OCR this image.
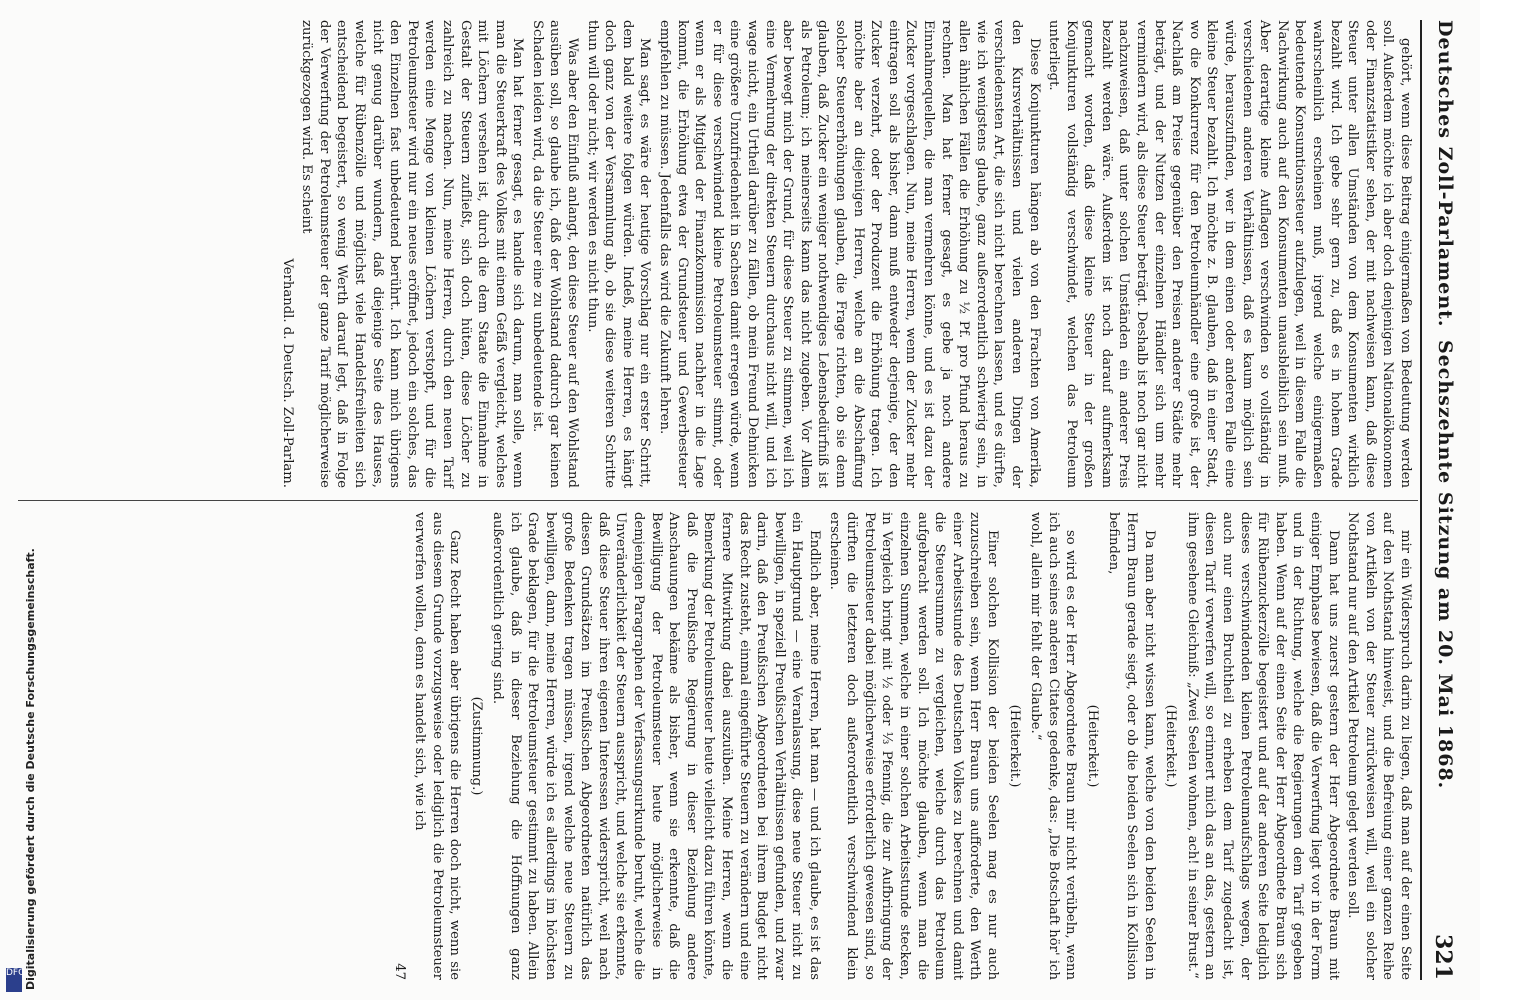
Deutsches Zoll-Parlament.
Sechszehnte Sitzung am 20. Mai 1868.
321

gehört, wenn diese Beitrag einigermaßen von Bedeutung werden soll. Außerdem möchte ich aber doch denjenigen Nationalökonomen oder Finanzstatistiker sehen, der mit nachweisen kann, daß diese Steuer unter allen Umständen von dem Konsumenten wirklich bezahlt wird. Ich gebe sehr gern zu, daß es in hohem Grade wahrscheinlich erscheinen muß, irgend welche einigermaßen bedeutende Konsumtionssteuer aufzulegen, weil in diesem Falle die Nachwirkung auch auf den Konsumenten unausbleiblich sein muß. Aber derartige kleine Auflagen verschwinden so vollständig in verschiedenen anderen Verhältnissen, daß es kaum möglich sein würde, herauszufinden, wer in dem einen oder anderen Falle eine kleine Steuer bezahlt. Ich möchte z. B. glauben, daß in einer Stadt, wo die Konkurrenz für den Petroleumhändler eine große ist, der Nachlaß am Preise gegenüber den Preisen anderer Städte mehr beträgt, und der Nutzen der einzelnen Händler sich um mehr vermindern wird, als diese Steuer beträgt. Deshalb ist noch gar nicht nachzuweisen, daß unter solchen Umständen ein anderer Preis bezahlt werden wäre. Außerdem ist noch darauf aufmerksam gemacht worden, daß diese kleine Steuer in der großen Konjunkturen vollständig verschwindet, welchen das Petroleum unterliegt.

Diese Konjunkturen hängen ab von den Frachten von Amerika, den Kursverhältnissen und vielen anderen Dingen der verschiedensten Art, die sich nicht berechnen lassen, und es dürfte, wie ich wenigstens glaube, ganz außerordentlich schwierig sein, in allen ähnlichen Fällen die Erhöhung zu ½ Pf. pro Pfund heraus zu rechnen. Man hat ferner gesagt, es gebe ja noch andere Einnahmequellen, die man vermehren könne, und es ist dazu der Zucker vorgeschlagen. Nun, meine Herren, wenn der Zucker mehr eintragen soll als bisher, dann muß entweder derjenige, der den Zucker verzehrt, oder der Produzent die Erhöhung tragen. Ich möchte aber an diejenigen Herren, welche an die Abschaffung solcher Steuererhöhungen glauben, die Frage richten, ob sie denn glauben, daß Zucker ein weniger nothwendiges Lebensbedürfniß ist als Petroleum; ich meinerseits kann das nicht zugeben. Vor Allem aber bewegt mich der Grund, für diese Steuer zu stimmen, weil ich eine Vermehrung der direkten Steuern durchaus nicht will, und ich wage nicht, ein Urtheil darüber zu fällen, ob mein Freund Dehnicken eine größere Unzufriedenheit in Sachsen damit erregen würde, wenn er für diese verschwindend kleine Petroleumsteuer stimmt, oder wenn er als Mitglied der Finanzkommission nachher in die Lage kommt, die Erhöhung etwa der Grundsteuer und Gewerbesteuer empfehlen zu müssen. Jedenfalls das wird die Zukunft lehren.

Man sagt, es wäre der heutige Vorschlag nur ein erster Schritt, dem bald weitere folgen würden. Indeß, meine Herren, es hängt doch ganz von der Versammlung ab, ob sie diese weiteren Schritte thun will oder nicht; wir werden es nicht thun.

Was aber den Einfluß anlangt, den diese Steuer auf den Wohlstand ausüben soll, so glaube ich, daß der Wohlstand dadurch gar keinen Schaden leiden wird, da die Steuer eine zu unbedeutende ist.

Man hat ferner gesagt, es handle sich darum, man solle, wenn man die Steuerkraft des Volkes mit einem Gefäß vergleicht, welches mit Löchern versehen ist, durch die dem Staate die Einnahme in Gestalt der Steuern zufließt, sich doch hüten, diese Löcher zu zahlreich zu machen. Nun, meine Herren, durch den neuen Tarif werden eine Menge von kleinen Löchern verstopft, und für die Petroleumsteuer wird nur ein neues eröffnet, jedoch ein solches, das den Einzelnen fast unbedeutend berührt. Ich kann mich übrigens nicht genug darüber wundern, daß diejenige Seite des Hauses, welche für Rübenzölle und möglichst viele Handelsfreiheiten sich entscheidend begeistert, so wenig Werth darauf legt, daß in Folge der Verwerfung der Petroleumsteuer der ganze Tarif möglicherweise zurückgezogen wird. Es scheint

Verhandl. d. Deutsch. Zoll-Parlam.

mir ein Widerspruch darin zu liegen, daß man auf der einen Seite auf den Nothstand hinweist, und die Befreiung einer ganzen Reihe von Artikeln von der Steuer zurückweisen will, weil ein solcher Nothstand nur auf den Artikel Petroleum gelegt werden soll.

Dann hat uns zuerst gestern der Herr Abgeordnete Braun mit einiger Emphase bewiesen, daß die Verwerfung liegt vor in der Form und in der Richtung, welche die Regierungen dem Tarif gegeben haben. Wenn auf der einen Seite der Herr Abgeordnete Braun sich für Rübenzuckerzölle begeistert und auf der anderen Seite lediglich dieses verschwindenden kleinen Petroleumaufschlags wegen, der auch nur einen Bruchtheil zu erheben dem Tarif zugedacht ist, diesen Tarif verwerfen will, so erinnert mich das an das, gestern an ihm gesehene Gleichniß: „Zwei Seelen wohnen, ach! in seiner Brust.“

(Heiterkeit.)

Da man aber nicht wissen kann, welche von den beiden Seelen in Herrn Braun gerade siegt, oder ob die beiden Seelen sich in Kollision befinden,

(Heiterkeit.)

so wird es der Herr Abgeordnete Braun mir nicht verübeln, wenn ich auch seines anderen Citates gedenke, das: „Die Botschaft hör' ich wohl, allein mir fehlt der Glaube.“

(Heiterkeit.)

Einer solchen Kollision der beiden Seelen mag es nur auch zuzuschreiben sein, wenn Herr Braun uns aufforderte, den Werth einer Arbeitsstunde des Deutschen Volkes zu berechnen und damit die Steuersumme zu vergleichen, welche durch das Petroleum aufgebracht werden soll. Ich möchte glauben, wenn man die einzelnen Summen, welche in einer solchen Arbeitsstunde stecken, in Vergleich bringt mit ½ oder ⅓ Pfennig, die zur Aufbringung der Petroleumsteuer dabei möglicherweise erforderlich gewesen sind, so dürften die letzteren doch außerordentlich verschwindend klein erscheinen.

Endlich aber, meine Herren, hat man — und ich glaube, es ist das ein Hauptgrund — eine Veranlassung, diese neue Steuer nicht zu bewilligen, in speziell Preußischen Verhältnissen gefunden, und zwar darin, daß den Preußischen Abgeordneten bei ihrem Budget nicht das Recht zusteht, einmal eingeführte Steuern zu verändern und eine fernere Mitwirkung dabei auszuüben. Meine Herren, wenn die Bemerkung der Petroleumsteuer heute vielleicht dazu führen könnte, daß die Preußische Regierung in dieser Beziehung andere Anschauungen bekäme als bisher, wenn sie erkennte, daß die Bewilligung der Petroleumsteuer heute möglicherweise in demjenigen Paragraphen der Verfassungsurkunde beruht, welche die Unveränderlichkeit der Steuern ausspricht, und welche sie erkennte, daß diese Steuer ihren eigenen Interessen widerspricht, weil nach diesen Grundsätzen im Preußischen Abgeordneten natürlich das große Bedenken tragen müssen, irgend welche neue Steuern zu bewilligen, dann, meine Herren, würde ich es allerdings im höchsten Grade beklagen, für die Petroleumsteuer gestimmt zu haben. Allein ich glaube, daß in dieser Beziehung die Hoffnungen ganz außerordentlich gering sind.

(Zustimmung.)

Ganz Recht haben aber übrigens die Herren doch nicht, wenn sie aus diesem Grunde vorzugsweise oder lediglich die Petroleumsteuer verwerfen wollen, denn es handelt sich, wie ich

47

Digitalisierung gefördert durch die Deutsche Forschungsgemeinschaft.
DFG
